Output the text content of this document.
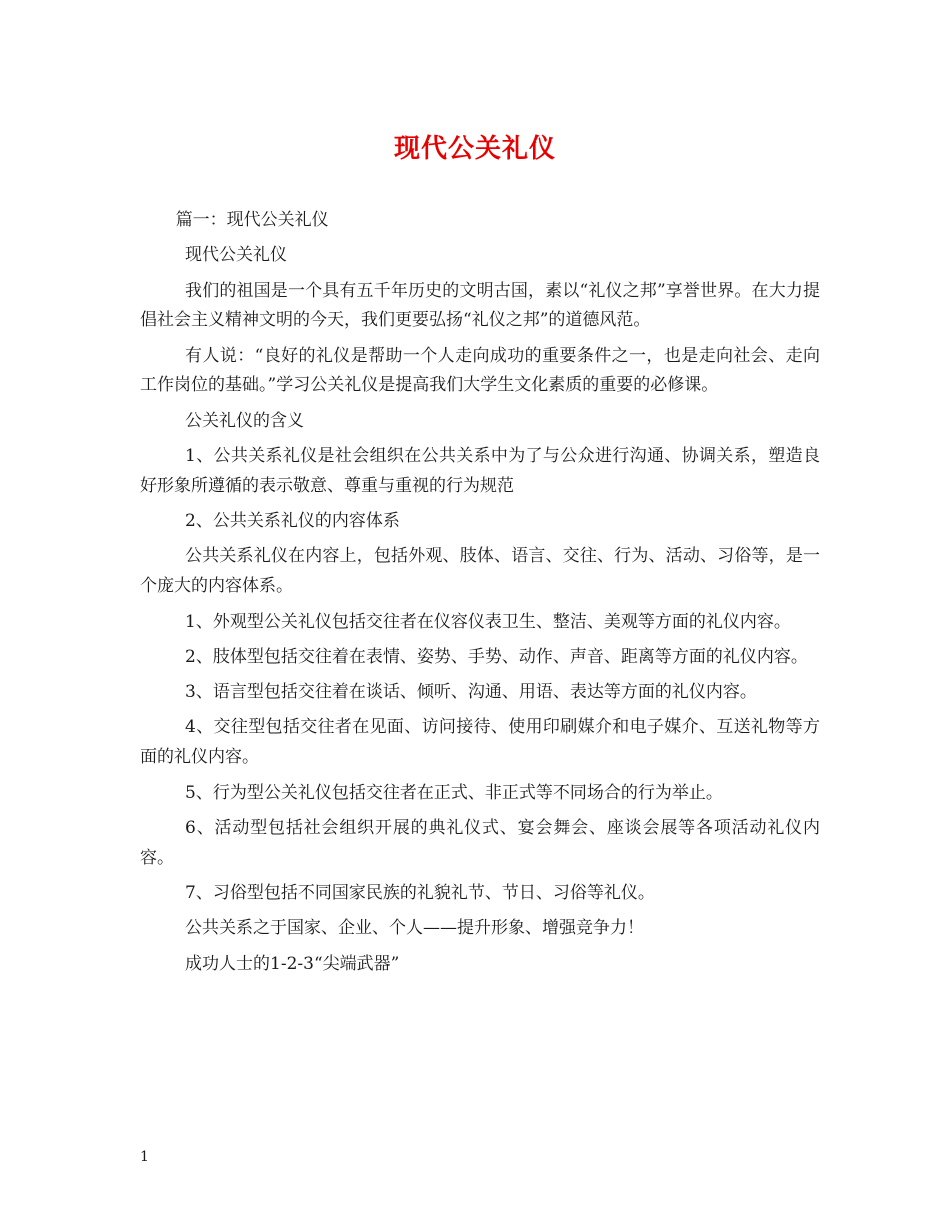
现代公关礼仪

篇一：现代公关礼仪

现代公关礼仪

我们的祖国是一个具有五千年历史的文明古国，素以“礼仪之邦”享誉世界。在大力提倡社会主义精神文明的今天，我们更要弘扬“礼仪之邦”的道德风范。

有人说：“良好的礼仪是帮助一个人走向成功的重要条件之一，也是走向社会、走向工作岗位的基础。”学习公关礼仪是提高我们大学生文化素质的重要的必修课。

公关礼仪的含义

1、公共关系礼仪是社会组织在公共关系中为了与公众进行沟通、协调关系，塑造良好形象所遵循的表示敬意、尊重与重视的行为规范

2、公共关系礼仪的内容体系

公共关系礼仪在内容上，包括外观、肢体、语言、交往、行为、活动、习俗等，是一个庞大的内容体系。

1、外观型公关礼仪包括交往者在仪容仪表卫生、整洁、美观等方面的礼仪内容。

2、肢体型包括交往着在表情、姿势、手势、动作、声音、距离等方面的礼仪内容。

3、语言型包括交往着在谈话、倾听、沟通、用语、表达等方面的礼仪内容。

4、交往型包括交往者在见面、访问接待、使用印刷媒介和电子媒介、互送礼物等方面的礼仪内容。

5、行为型公关礼仪包括交往者在正式、非正式等不同场合的行为举止。

6、活动型包括社会组织开展的典礼仪式、宴会舞会、座谈会展等各项活动礼仪内容。

7、习俗型包括不同国家民族的礼貌礼节、节日、习俗等礼仪。

公共关系之于国家、企业、个人——提升形象、增强竞争力！

成功人士的1-2-3“尖端武器”

1
